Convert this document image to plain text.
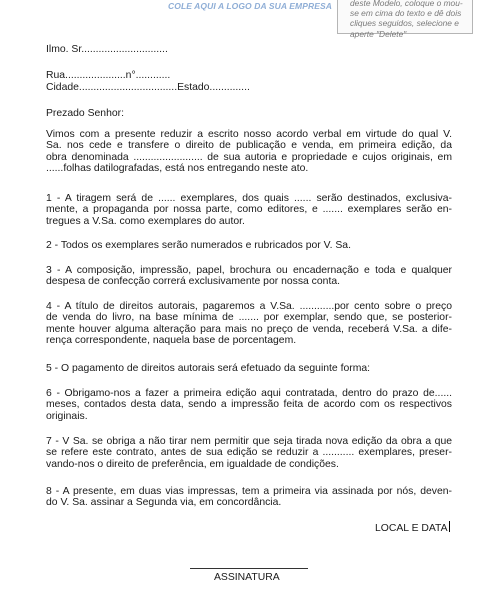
COLE AQUI A LOGO DA SUA EMPRESA	deste Modelo, coloque o mou-
se em cima do texto e dê dois
cliques seguidos, selecione e
aperte "Delete"
Ilmo. Sr..............................
Rua.....................n°............
Cidade..................................Estado..............
Prezado Senhor:
Vimos com a presente reduzir a escrito nosso acordo verbal em virtude do qual V.
Sa. nos cede e transfere o direito de publicação e venda, em primeira edição, da
obra denominada ........................ de sua autoria e propriedade e cujos originais, em
......folhas datilografadas, está nos entregando neste ato.
1 - A tiragem será de ...... exemplares, dos quais ...... serão destinados, exclusiva-
mente, a propaganda por nossa parte, como editores, e ....... exemplares serão en-
tregues a V.Sa. como exemplares do autor.
2 - Todos os exemplares serão numerados e rubricados por V. Sa.
3 - A composição, impressão, papel, brochura ou encadernação e toda e qualquer
despesa de confecção correrá exclusivamente por nossa conta.
4 - A título de direitos autorais, pagaremos a V.Sa. ............por cento sobre o preço
de venda do livro, na base mínima de ....... por exemplar, sendo que, se posterior-
mente houver alguma alteração para mais no preço de venda, receberá V.Sa. a dife-
rença correspondente, naquela base de porcentagem.
5 - O pagamento de direitos autorais será efetuado da seguinte forma:
6 - Obrigamo-nos a fazer a primeira edição aqui contratada, dentro do prazo de......
meses, contados desta data, sendo a impressão feita de acordo com os respectivos
originais.
7 - V Sa. se obriga a não tirar nem permitir que seja tirada nova edição da obra a que
se refere este contrato, antes de sua edição se reduzir a ........... exemplares, preser-
vando-nos o direito de preferência, em igualdade de condições.
8 - A presente, em duas vias impressas, tem a primeira via assinada por nós, deven-
do V. Sa. assinar a Segunda via, em concordância.
LOCAL E DATA
ASSINATURA
